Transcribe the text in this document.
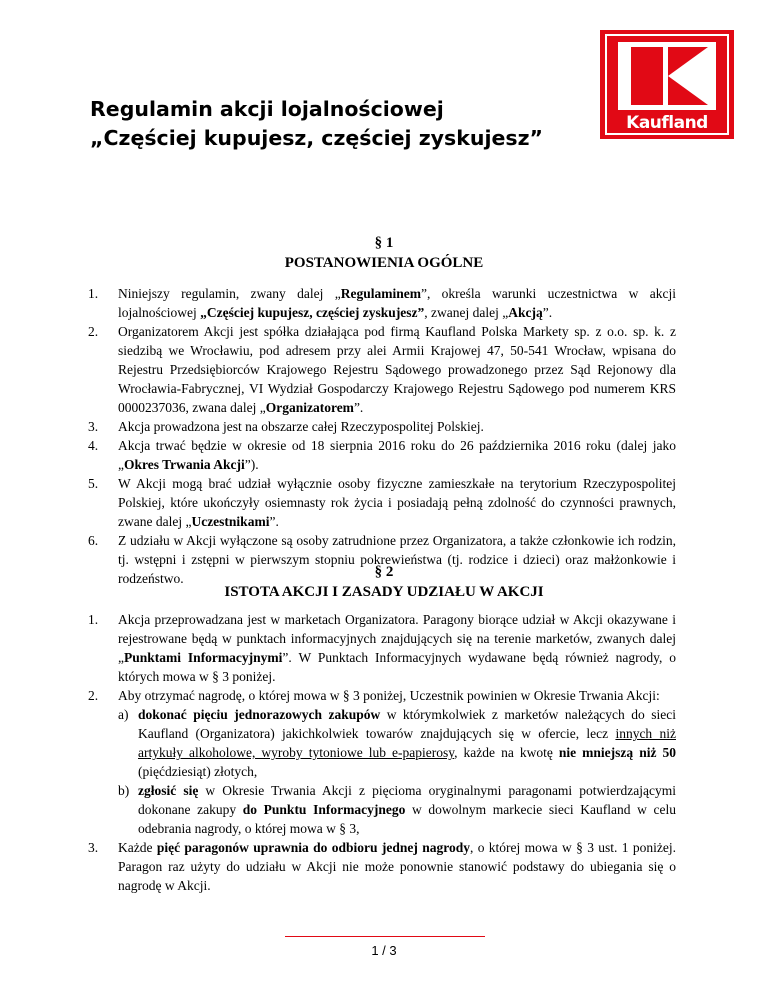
Regulamin akcji lojalnościowej
„Częściej kupujesz, częściej zyskujesz”
Kaufland
§ 1
POSTANOWIENIA OGÓLNE
1. Niniejszy regulamin, zwany dalej „Regulaminem”, określa warunki uczestnictwa w akcji lojalnościowej „Częściej kupujesz, częściej zyskujesz”, zwanej dalej „Akcją”.
2. Organizatorem Akcji jest spółka działająca pod firmą Kaufland Polska Markety sp. z o.o. sp. k. z siedzibą we Wrocławiu, pod adresem przy alei Armii Krajowej 47, 50-541 Wrocław, wpisana do Rejestru Przedsiębiorców Krajowego Rejestru Sądowego prowadzonego przez Sąd Rejonowy dla Wrocławia-Fabrycznej, VI Wydział Gospodarczy Krajowego Rejestru Sądowego pod numerem KRS 0000237036, zwana dalej „Organizatorem”.
3. Akcja prowadzona jest na obszarze całej Rzeczypospolitej Polskiej.
4. Akcja trwać będzie w okresie od 18 sierpnia 2016 roku do 26 października 2016 roku (dalej jako „Okres Trwania Akcji”).
5. W Akcji mogą brać udział wyłącznie osoby fizyczne zamieszkałe na terytorium Rzeczypospolitej Polskiej, które ukończyły osiemnasty rok życia i posiadają pełną zdolność do czynności prawnych, zwane dalej „Uczestnikami”.
6. Z udziału w Akcji wyłączone są osoby zatrudnione przez Organizatora, a także członkowie ich rodzin, tj. wstępni i zstępni w pierwszym stopniu pokrewieństwa (tj. rodzice i dzieci) oraz małżonkowie i rodzeństwo.	§ 2
ISTOTA AKCJI I ZASADY UDZIAŁU W AKCJI
1. Akcja przeprowadzana jest w marketach Organizatora. Paragony biorące udział w Akcji okazywane i rejestrowane będą w punktach informacyjnych znajdujących się na terenie marketów, zwanych dalej „Punktami Informacyjnymi”. W Punktach Informacyjnych wydawane będą również nagrody, o których mowa w § 3 poniżej.
2. Aby otrzymać nagrodę, o której mowa w § 3 poniżej, Uczestnik powinien w Okresie Trwania Akcji:
a) dokonać pięciu jednorazowych zakupów w którymkolwiek z marketów należących do sieci Kaufland (Organizatora) jakichkolwiek towarów znajdujących się w ofercie, lecz innych niż artykuły alkoholowe, wyroby tytoniowe lub e-papierosy, każde na kwotę nie mniejszą niż 50 (pięćdziesiąt) złotych,
b) zgłosić się w Okresie Trwania Akcji z pięcioma oryginalnymi paragonami potwierdzającymi dokonane zakupy do Punktu Informacyjnego w dowolnym markecie sieci Kaufland w celu odebrania nagrody, o której mowa w § 3,
3. Każde pięć paragonów uprawnia do odbioru jednej nagrody, o której mowa w § 3 ust. 1 poniżej. Paragon raz użyty do udziału w Akcji nie może ponownie stanowić podstawy do ubiegania się o nagrodę w Akcji.
1 / 3
